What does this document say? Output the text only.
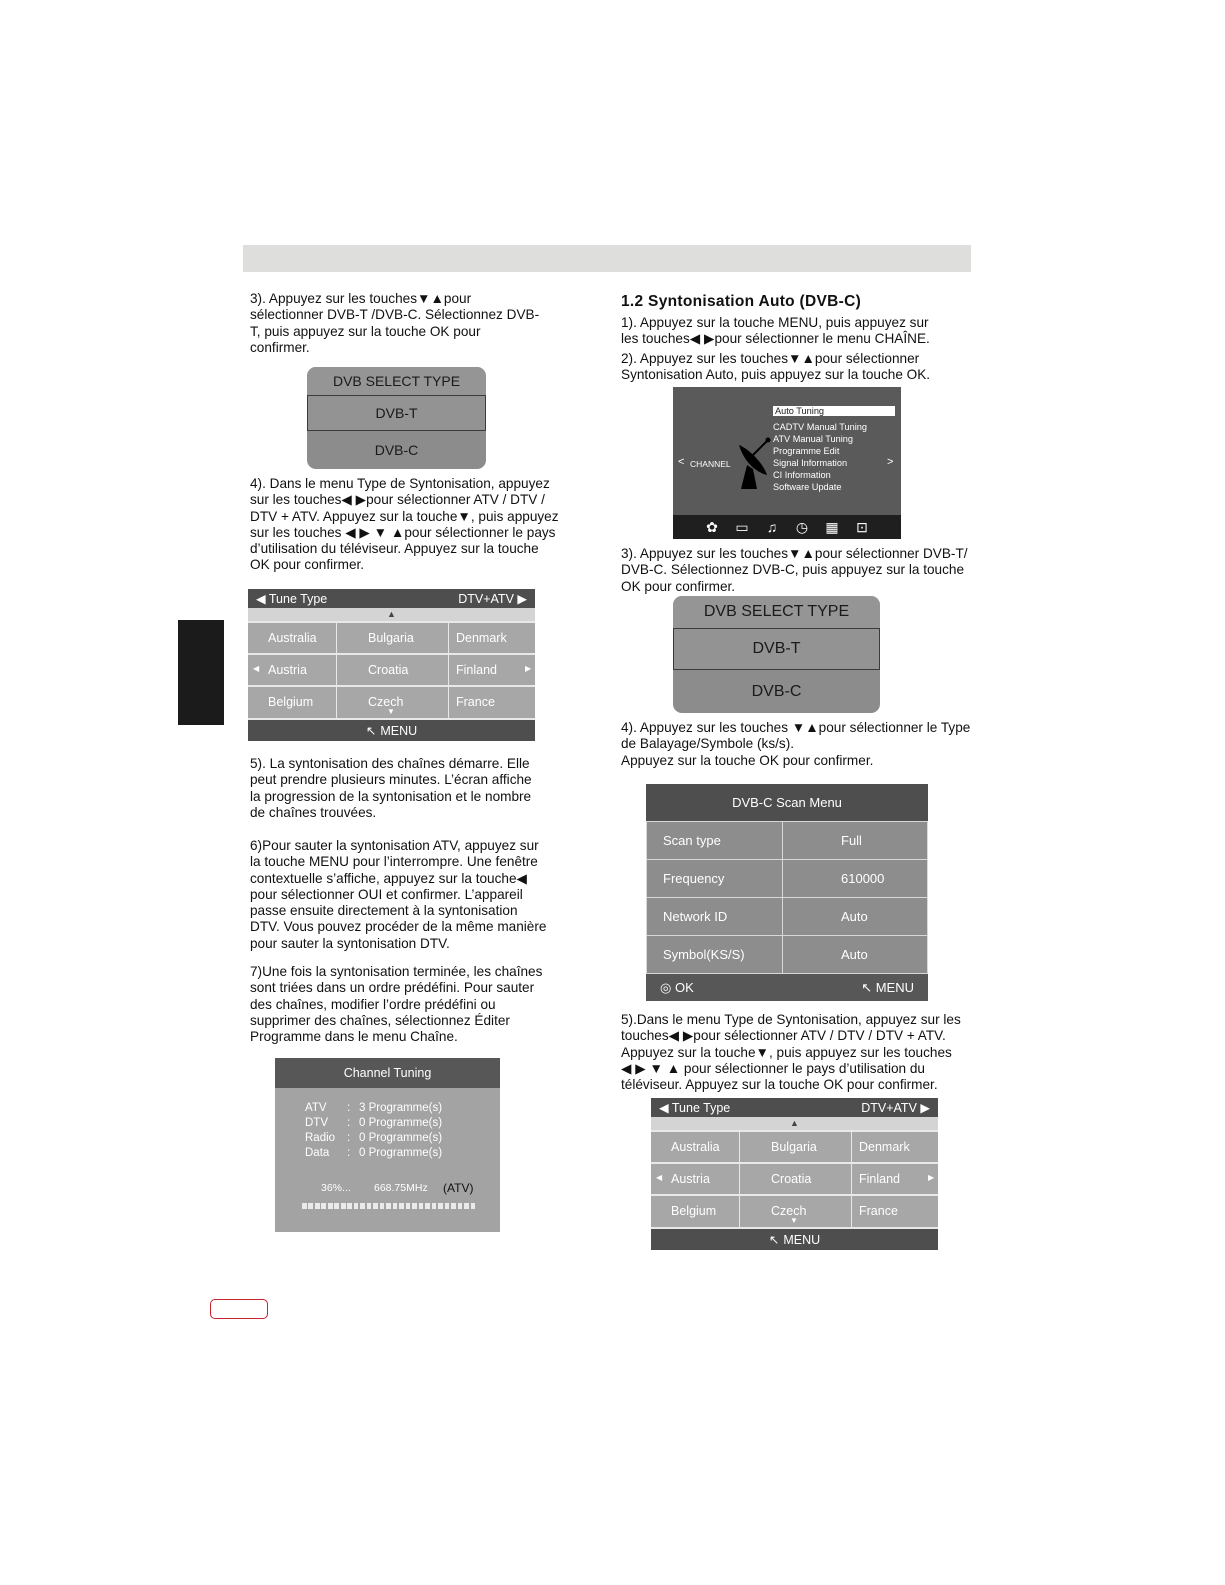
3). Appuyez sur les touches▼▲pour

sélectionner DVB-T /DVB-C. Sélectionnez DVB-

T, puis appuyez sur la touche OK pour

confirmer.

DVB SELECT TYPE
DVB-T
DVB-C

4). Dans le menu Type de Syntonisation, appuyez

sur les touches◀ ▶pour sélectionner ATV / DTV /

DTV + ATV. Appuyez sur la touche▼, puis appuyez

sur les touches ◀ ▶ ▼ ▲pour sélectionner le pays

d’utilisation du téléviseur. Appuyez sur la touche

OK pour confirmer.

◀ Tune Type	DTV+ATV ▶
▲
Australia	Bulgaria	Denmark
◀ Austria	Croatia	Finland	▶
Belgium	Czech	France
▼
↖ MENU

5). La syntonisation des chaînes démarre. Elle

peut prendre plusieurs minutes. L’écran affiche

la progression de la syntonisation et le nombre

de chaînes trouvées.

6)Pour sauter la syntonisation ATV, appuyez sur

la touche MENU pour l’interrompre. Une fenêtre

contextuelle s’affiche, appuyez sur la touche◀

pour sélectionner OUI et confirmer. L’appareil

passe ensuite directement à la syntonisation

DTV. Vous pouvez procéder de la même manière

pour sauter la syntonisation DTV.

7)Une fois la syntonisation terminée, les chaînes

sont triées dans un ordre prédéfini. Pour sauter

des chaînes, modifier l’ordre prédéfini ou

supprimer des chaînes, sélectionnez Éditer

Programme dans le menu Chaîne.

Channel Tuning
ATV	: 3 Programme(s)
DTV	: 0 Programme(s)
Radio	: 0 Programme(s)
Data	: 0 Programme(s)
36%... 668.75MHz (ATV)
1.2 Syntonisation Auto (DVB-C)

1). Appuyez sur la touche MENU, puis appuyez sur

les touches◀ ▶pour sélectionner le menu CHAÎNE.

2). Appuyez sur les touches▼▲pour sélectionner

Syntonisation Auto, puis appuyez sur la touche OK.

< CHANNEL
Auto Tuning
CADTV Manual Tuning
ATV Manual Tuning
Programme Edit
Signal Information
CI Information
Software Update
>
✿ ▭ ♫ ◷ ▦ ⊡

3). Appuyez sur les touches▼▲pour sélectionner DVB-T/

DVB-C. Sélectionnez DVB-C, puis appuyez sur la touche

OK pour confirmer.

DVB SELECT TYPE
DVB-T
DVB-C

4). Appuyez sur les touches ▼▲pour sélectionner le Type

de Balayage/Symbole (ks/s).

Appuyez sur la touche OK pour confirmer.

DVB-C Scan Menu
Scan type	Full
Frequency	610000
Network ID	Auto
Symbol(KS/S)	Auto
◎ OK	↖ MENU

5).Dans le menu Type de Syntonisation, appuyez sur les

touches◀ ▶pour sélectionner ATV / DTV / DTV + ATV.

Appuyez sur la touche▼, puis appuyez sur les touches

◀ ▶ ▼ ▲ pour sélectionner le pays d’utilisation du

téléviseur. Appuyez sur la touche OK pour confirmer.

◀ Tune Type	DTV+ATV ▶
▲
Australia	Bulgaria	Denmark
◀ Austria	Croatia	Finland	▶
Belgium	Czech	France
▼
↖ MENU
